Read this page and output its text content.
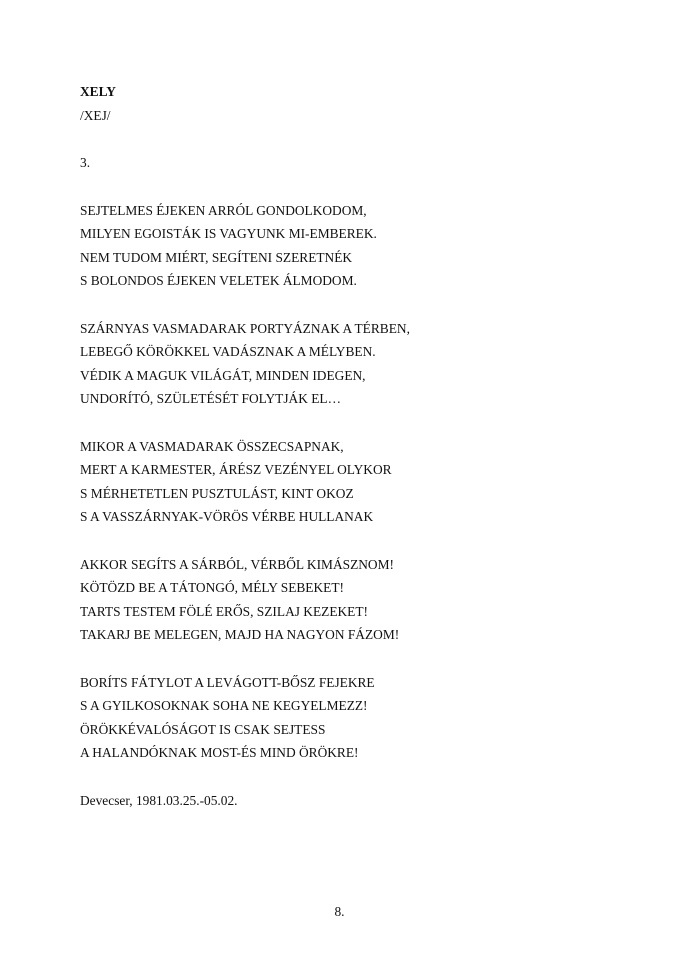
XELY

/XEJ/

3.

SEJTELMES ÉJEKEN ARRÓL GONDOLKODOM,
MILYEN EGOISTÁK IS VAGYUNK MI-EMBEREK.
NEM TUDOM MIÉRT, SEGÍTENI SZERETNÉK
S BOLONDOS ÉJEKEN VELETEK ÁLMODOM.
SZÁRNYAS VASMADARAK PORTYÁZNAK A TÉRBEN,
LEBEGŐ KÖRÖKKEL VADÁSZNAK A MÉLYBEN.
VÉDIK A MAGUK VILÁGÁT, MINDEN IDEGEN,
UNDORÍTÓ, SZÜLETÉSÉT FOLYTJÁK EL…
MIKOR A VASMADARAK ÖSSZECSAPNAK,
MERT A KARMESTER, ÁRÉSZ VEZÉNYEL OLYKOR
S MÉRHETETLEN PUSZTULÁST, KINT OKOZ
S A VASSZÁRNYAK-VÖRÖS VÉRBE HULLANAK
AKKOR SEGÍTS A SÁRBÓL, VÉRBŐL KIMÁSZNOM!
KÖTÖZD BE A TÁTONGÓ, MÉLY SEBEKET!
TARTS TESTEM FÖLÉ ERŐS, SZILAJ KEZEKET!
TAKARJ BE MELEGEN, MAJD HA NAGYON FÁZOM!
BORÍTS FÁTYLOT A LEVÁGOTT-BŐSZ FEJEKRE
S A GYILKOSOKNAK SOHA NE KEGYELMEZZ!
ÖRÖKKÉVALÓSÁGOT IS CSAK SEJTESS
A HALANDÓKNAK MOST-ÉS MIND ÖRÖKRE!

Devecser, 1981.03.25.-05.02.

8.
